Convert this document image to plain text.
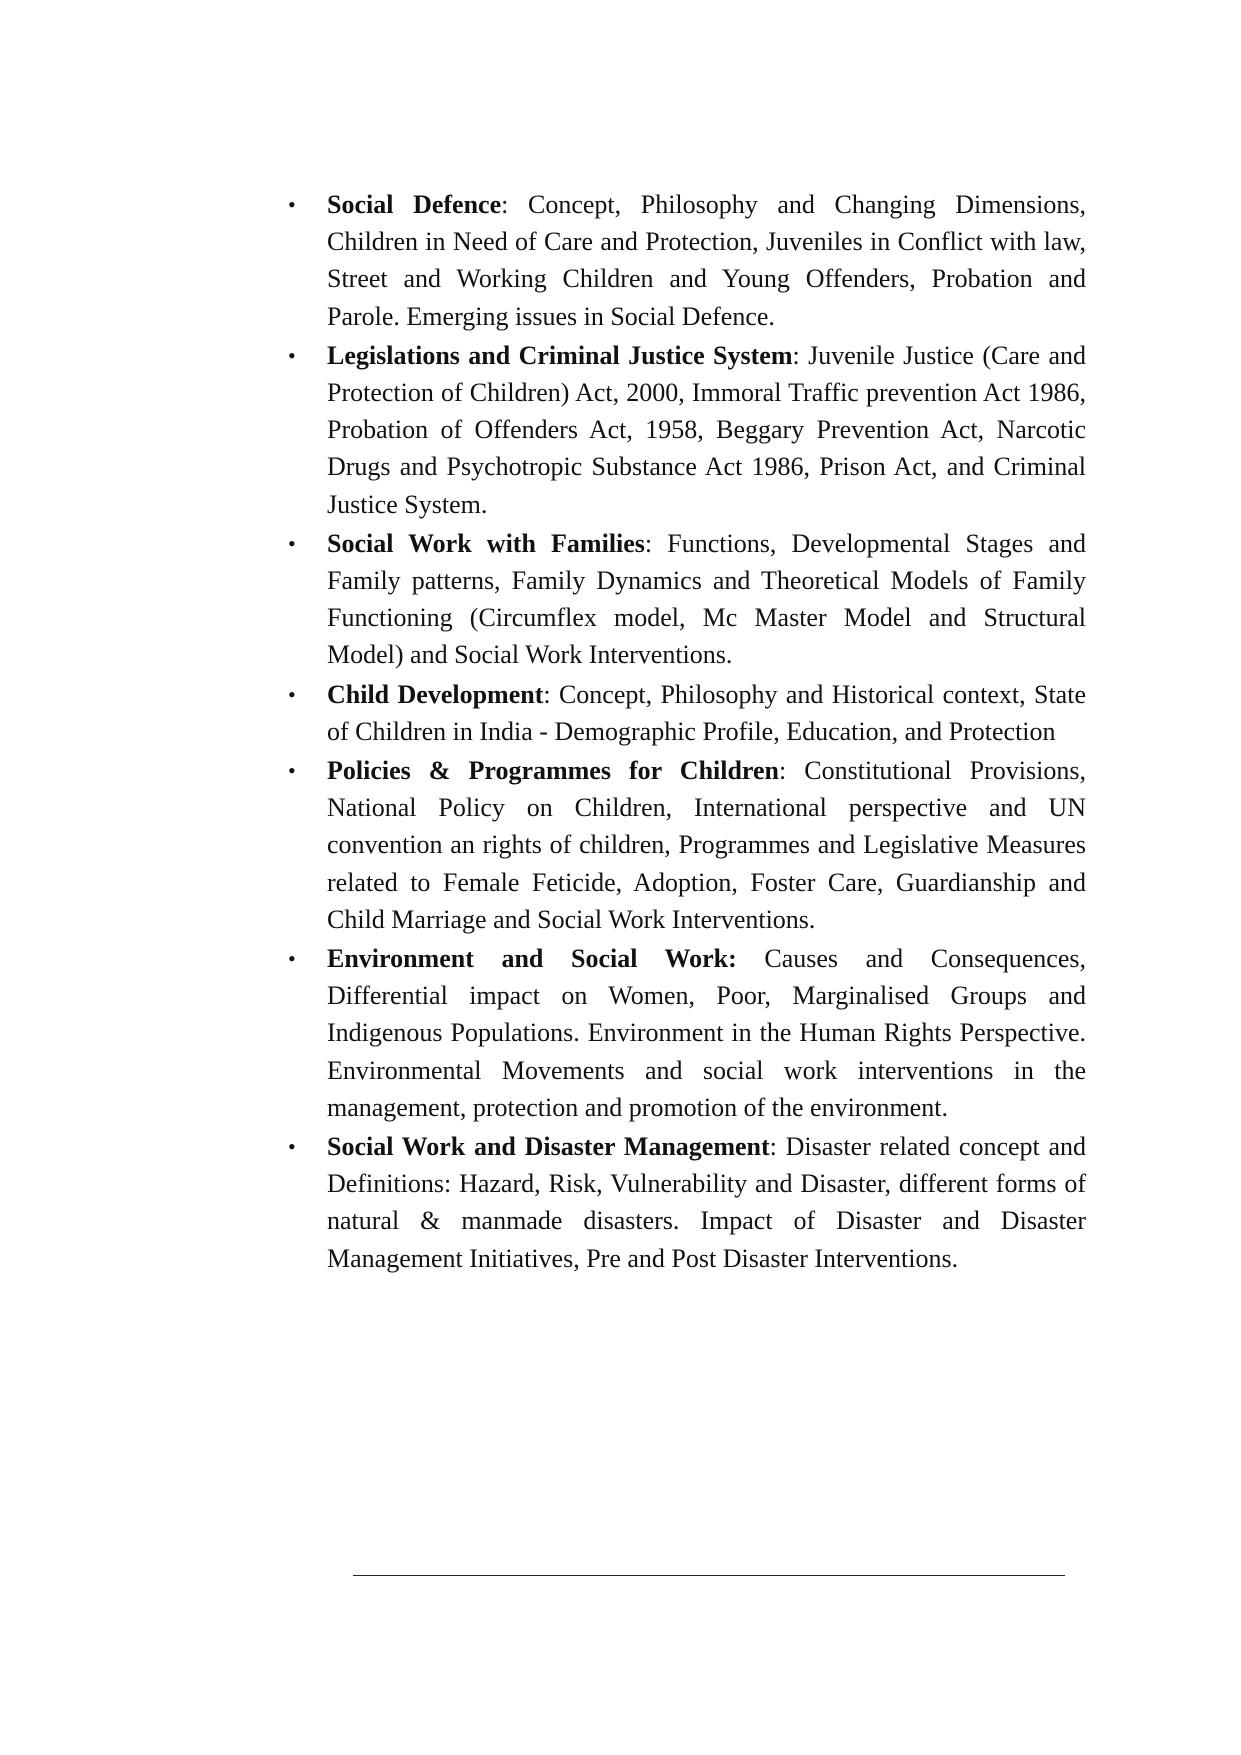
• Social Defence: Concept, Philosophy and Changing Dimensions, Children in Need of Care and Protection, Juveniles in Conflict with law, Street and Working Children and Young Offenders, Probation and Parole. Emerging issues in Social Defence.
• Legislations and Criminal Justice System: Juvenile Justice (Care and Protection of Children) Act, 2000, Immoral Traffic prevention Act 1986, Probation of Offenders Act, 1958, Beggary Prevention Act, Narcotic Drugs and Psychotropic Substance Act 1986, Prison Act, and Criminal Justice System.
• Social Work with Families: Functions, Developmental Stages and Family patterns, Family Dynamics and Theoretical Models of Family Functioning (Circumflex model, Mc Master Model and Structural Model) and Social Work Interventions.
• Child Development: Concept, Philosophy and Historical context, State of Children in India - Demographic Profile, Education, and Protection
• Policies & Programmes for Children: Constitutional Provisions, National Policy on Children, International perspective and UN convention an rights of children, Programmes and Legislative Measures related to Female Feticide, Adoption, Foster Care, Guardianship and Child Marriage and Social Work Interventions.
• Environment and Social Work: Causes and Consequences, Differential impact on Women, Poor, Marginalised Groups and Indigenous Populations. Environment in the Human Rights Perspective. Environmental Movements and social work interventions in the management, protection and promotion of the environment.
• Social Work and Disaster Management: Disaster related concept and Definitions: Hazard, Risk, Vulnerability and Disaster, different forms of natural & manmade disasters. Impact of Disaster and Disaster Management Initiatives, Pre and Post Disaster Interventions.
